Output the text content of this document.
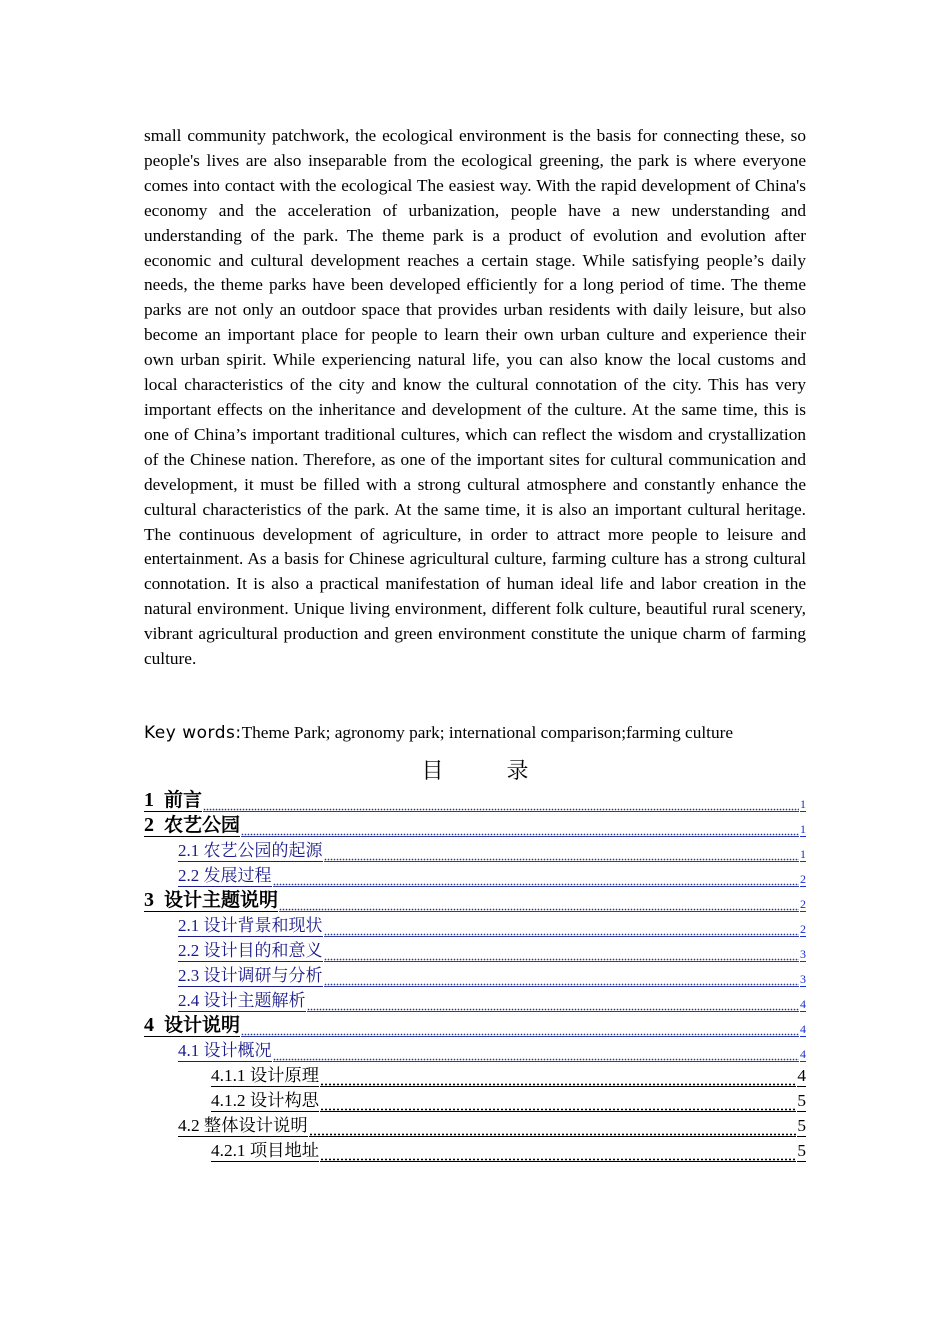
small community patchwork, the ecological environment is the basis for connecting these, so people's lives are also inseparable from the ecological greening, the park is where everyone comes into contact with the ecological The easiest way. With the rapid development of China's economy and the acceleration of urbanization, people have a new understanding and understanding of the park. The theme park is a product of evolution and evolution after economic and cultural development reaches a certain stage. While satisfying people’s daily needs, the theme parks have been developed efficiently for a long period of time. The theme parks are not only an outdoor space that provides urban residents with daily leisure, but also become an important place for people to learn their own urban culture and experience their own urban spirit. While experiencing natural life, you can also know the local customs and local characteristics of the city and know the cultural connotation of the city. This has very important effects on the inheritance and development of the culture. At the same time, this is one of China’s important traditional cultures, which can reflect the wisdom and crystallization of the Chinese nation. Therefore, as one of the important sites for cultural communication and development, it must be filled with a strong cultural atmosphere and constantly enhance the cultural characteristics of the park. At the same time, it is also an important cultural heritage. The continuous development of agriculture, in order to attract more people to leisure and entertainment. As a basis for Chinese agricultural culture, farming culture has a strong cultural connotation. It is also a practical manifestation of human ideal life and labor creation in the natural environment. Unique living environment, different folk culture, beautiful rural scenery, vibrant agricultural production and green environment constitute the unique charm of farming culture.

Key words:Theme Park; agronomy park; international comparison;farming culture
目 录
1 前言	1
2 农艺公园	1
2.1 农艺公园的起源	1
2.2 发展过程	2
3 设计主题说明	2
2.1 设计背景和现状	2
2.2 设计目的和意义	3
2.3 设计调研与分析	3
2.4 设计主题解析	4
4 设计说明	4
4.1 设计概况	4
4.1.1 设计原理	4
4.1.2 设计构思	5
4.2 整体设计说明	5
4.2.1 项目地址	5
